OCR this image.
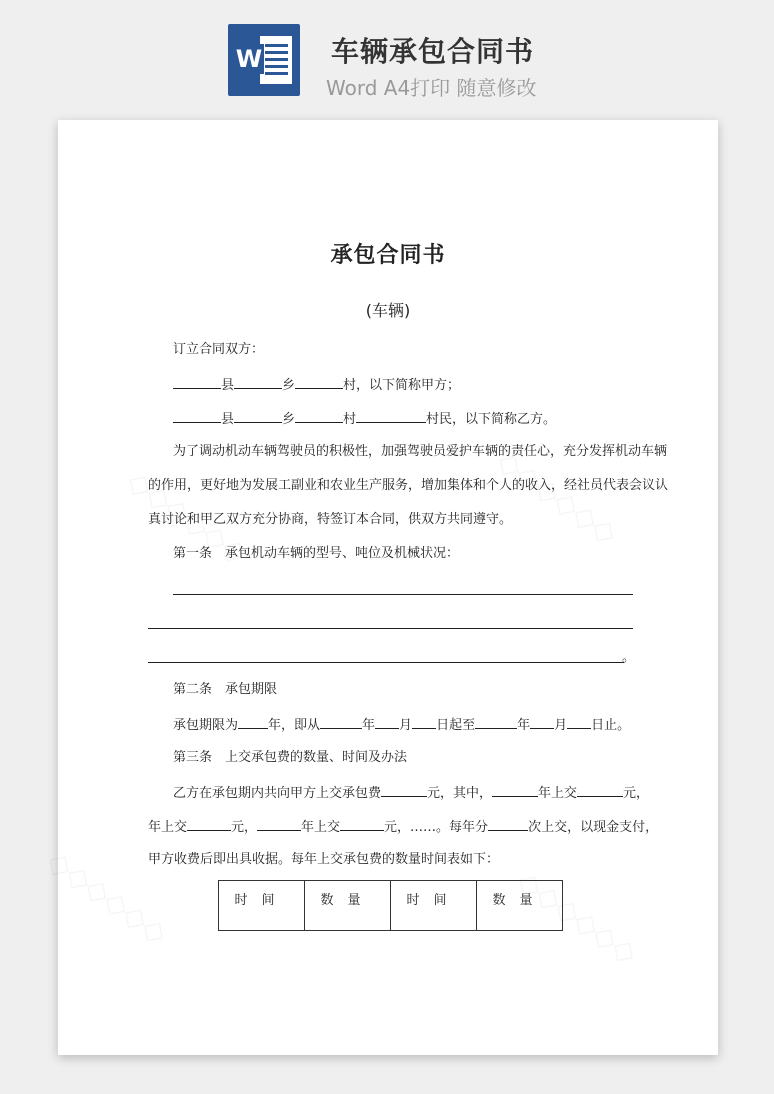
W 车辆承包合同书
Word A4打印 随意修改
承包合同书
(车辆)
订立合同双方：
县	乡	村，以下简称甲方；
县	乡	村	村民，以下简称乙方。
为了调动机动车辆驾驶员的积极性，加强驾驶员爱护车辆的责任心，充分发挥机动车辆
的作用，更好地为发展工副业和农业生产服务，增加集体和个人的收入，经社员代表会议认
真讨论和甲乙双方充分协商，特签订本合同，供双方共同遵守。
第一条　承包机动车辆的型号、吨位及机械状况：
。
第二条　承包期限
承包期限为 年，即从	年 月 日起至	年 月 日止。
第三条　上交承包费的数量、时间及办法
乙方在承包期内共向甲方上交承包费	元，其中，	年上交	元，
年上交	元，	年上交	元，……。每年分	次上交，以现金支付，
甲方收费后即出具收据。每年上交承包费的数量时间表如下：
时间	数量	时间	数量
